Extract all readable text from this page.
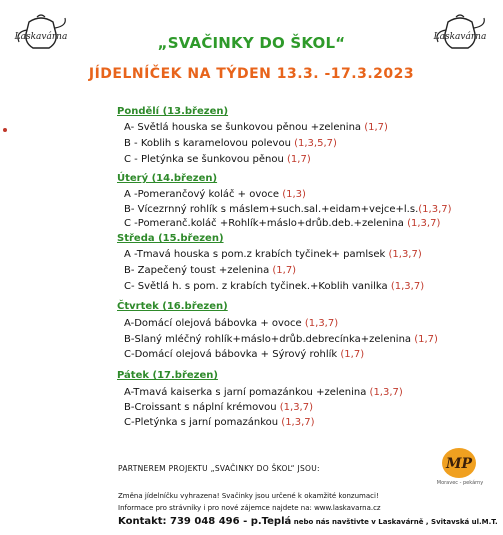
Laskavárna	Laskavárna
„SVAČINKY DO ŠKOL“
JÍDELNÍČEK NA TÝDEN 13.3. -17.3.2023
Pondělí (13.březen)
A- Světlá houska se šunkovou pěnou +zelenina (1,7)
B - Koblih s karamelovou polevou (1,3,5,7)
C - Pletýnka se šunkovou pěnou (1,7)
Úterý (14.březen)
A -Pomerančový koláč + ovoce (1,3)
B- Vícezrnný rohlík s máslem+such.sal.+eidam+vejce+l.s.(1,3,7)
C -Pomeranč.koláč +Rohlík+máslo+drůb.deb.+zelenina (1,3,7)
Středa (15.březen)
A -Tmavá houska s pom.z krabích tyčinek+ pamlsek (1,3,7)
B- Zapečený toust +zelenina (1,7)
C- Světlá h. s pom. z krabích tyčinek.+Koblih vanilka (1,3,7)
Čtvrtek (16.březen)
A-Domácí olejová bábovka + ovoce (1,3,7)
B-Slaný mléčný rohlík+máslo+drůb.debrecínka+zelenina (1,7)
C-Domácí olejová bábovka + Sýrový rohlík (1,7)
Pátek (17.březen)
A-Tmavá kaiserka s jarní pomazánkou +zelenina (1,3,7)
B-Croissant s náplní krémovou (1,3,7)
C-Pletýnka s jarní pomazánkou (1,3,7)
PARTNEREM PROJEKTU „SVAČINKY DO ŠKOL“ JSOU:	MP
Moravec - pekárny
Změna jídelníčku vyhrazena! Svačinky jsou určené k okamžité konzumaci!
Informace pro strávníky i pro nové zájemce najdete na: www.laskavarna.cz
Kontakt: 739 048 496 - p.Teplá nebo nás navštivte v Laskavárně , Svitavská ul.M.T.
